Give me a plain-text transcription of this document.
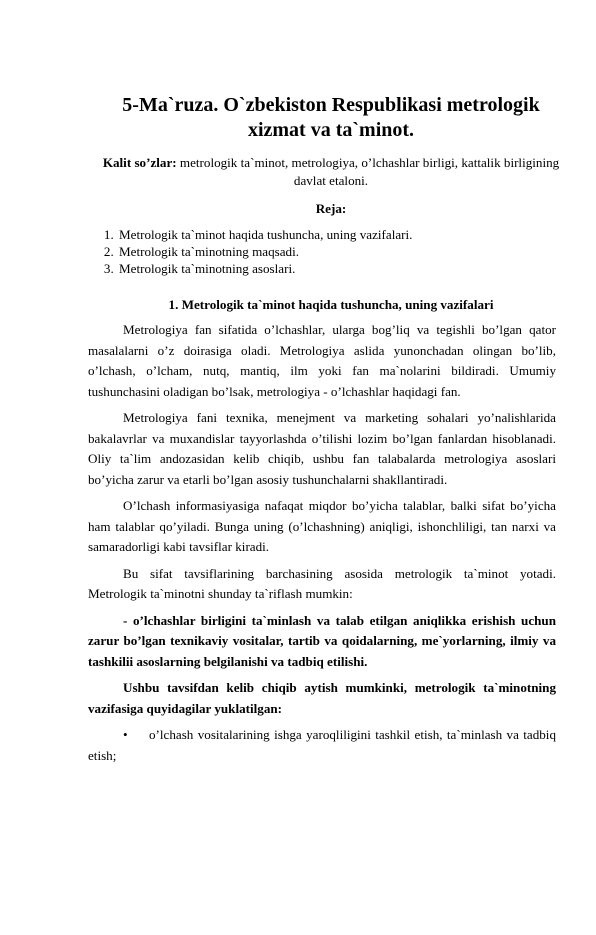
5-Ma`ruza. O`zbekiston Respublikasi metrologik
xizmat va ta`minot.
Kalit so’zlar: metrologik ta`minot, metrologiya, o’lchashlar birligi, kattalik birligining davlat etaloni.
Reja:
1. Metrologik ta`minot haqida tushuncha, uning vazifalari.
2. Metrologik ta`minotning maqsadi.
3. Metrologik ta`minotning asoslari.
1. Metrologik ta`minot haqida tushuncha, uning vazifalari

Metrologiya fan sifatida o’lchashlar, ularga bog’liq va tegishli bo’lgan qator masalalarni o’z doirasiga oladi. Metrologiya aslida yunonchadan olingan bo’lib, o’lchash, o’lcham, nutq, mantiq, ilm yoki fan ma`nolarini bildiradi. Umumiy tushunchasini oladigan bo’lsak, metrologiya - o’lchashlar haqidagi fan.

Metrologiya fani texnika, menejment va marketing sohalari yo’nalishlarida bakalavrlar va muxandislar tayyorlashda o’tilishi lozim bo’lgan fanlardan hisoblanadi. Oliy ta`lim andozasidan kelib chiqib, ushbu fan talabalarda metrologiya asoslari bo’yicha zarur va etarli bo’lgan asosiy tushunchalarni shakllantiradi.

O’lchash informasiyasiga nafaqat miqdor bo’yicha talablar, balki sifat bo’yicha ham talablar qo’yiladi. Bunga uning (o’lchashning) aniqligi, ishonchliligi, tan narxi va samaradorligi kabi tavsiflar kiradi.

Bu sifat tavsiflarining barchasining asosida metrologik ta`minot yotadi. Metrologik ta`minotni shunday ta`riflash mumkin:

- o’lchashlar birligini ta`minlash va talab etilgan aniqlikka erishish uchun zarur bo’lgan texnikaviy vositalar, tartib va qoidalarning, me`yorlarning, ilmiy va tashkilii asoslarning belgilanishi va tadbiq etilishi.

Ushbu tavsifdan kelib chiqib aytish mumkinki, metrologik ta`minotning vazifasiga quyidagilar yuklatilgan:

• o’lchash vositalarining ishga yaroqliligini tashkil etish, ta`minlash va tadbiq etish;
